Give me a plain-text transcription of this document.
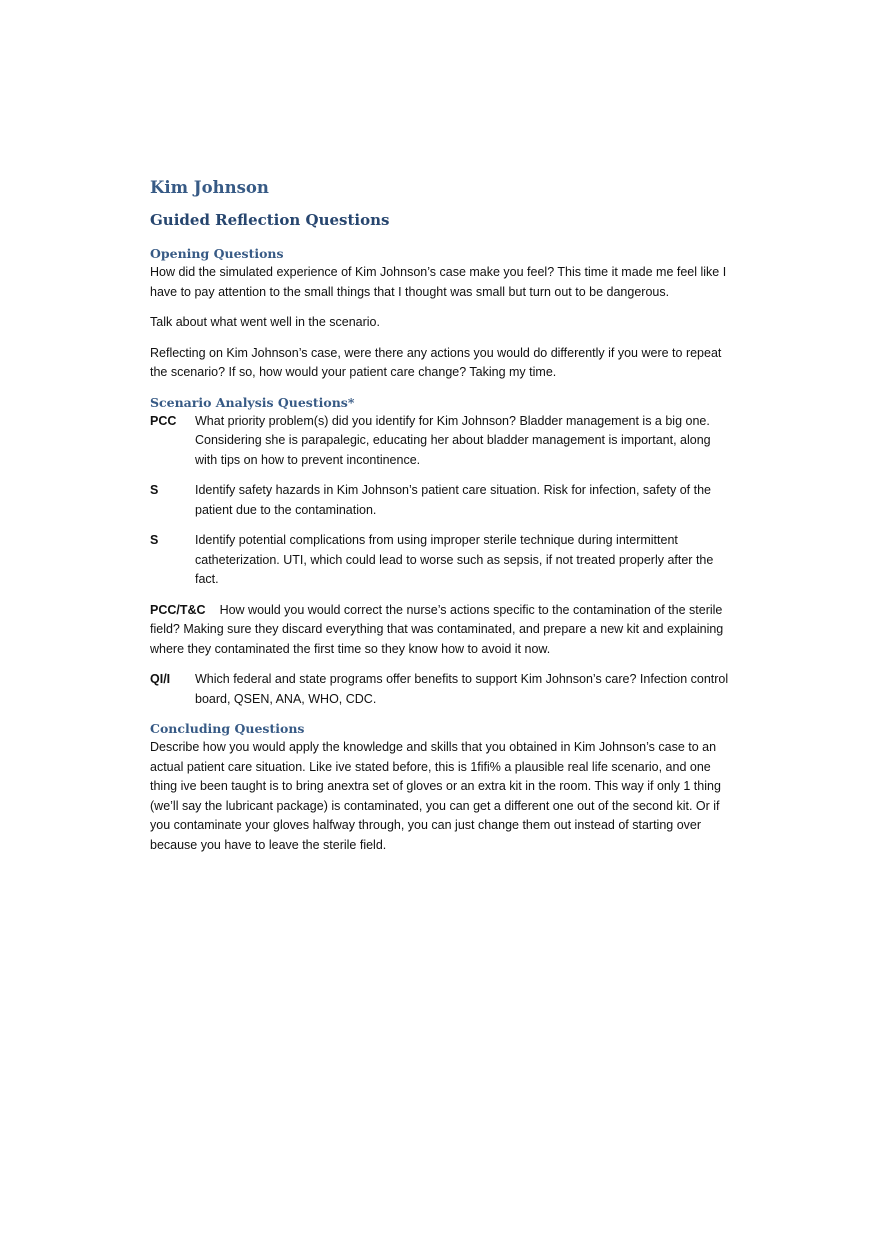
Kim Johnson
Guided Reflection Questions
Opening Questions

How did the simulated experience of Kim Johnson’s case make you feel? This time it made me feel like I have to pay attention to the small things that I thought was small but turn out to be dangerous.

Talk about what went well in the scenario.

Reflecting on Kim Johnson’s case, were there any actions you would do differently if you were to repeat the scenario? If so, how would your patient care change? Taking my time.

Scenario Analysis Questions*
PCC	What priority problem(s) did you identify for Kim Johnson? Bladder management is a big one. Considering she is parapalegic, educating her about bladder management is important, along with tips on how to prevent incontinence.
S	Identify safety hazards in Kim Johnson’s patient care situation. Risk for infection, safety of the patient due to the contamination.
S	Identify potential complications from using improper sterile technique during intermittent catheterization. UTI, which could lead to worse such as sepsis, if not treated properly after the fact.

PCC/T&C How would you would correct the nurse’s actions specific to the contamination of the sterile field? Making sure they discard everything that was contaminated, and prepare a new kit and explaining where they contaminated the first time so they know how to avoid it now.

QI/I	Which federal and state programs offer benefits to support Kim Johnson’s care? Infection control board, QSEN, ANA, WHO, CDC.
Concluding Questions

Describe how you would apply the knowledge and skills that you obtained in Kim Johnson’s case to an actual patient care situation. Like ive stated before, this is 1ﬁﬁ% a plausible real life scenario, and one thing ive been taught is to bring anextra set of gloves or an extra kit in the room. This way if only 1 thing (we’ll say the lubricant package) is contaminated, you can get a different one out of the second kit. Or if you contaminate your gloves halfway through, you can just change them out instead of starting over because you have to leave the sterile field.
